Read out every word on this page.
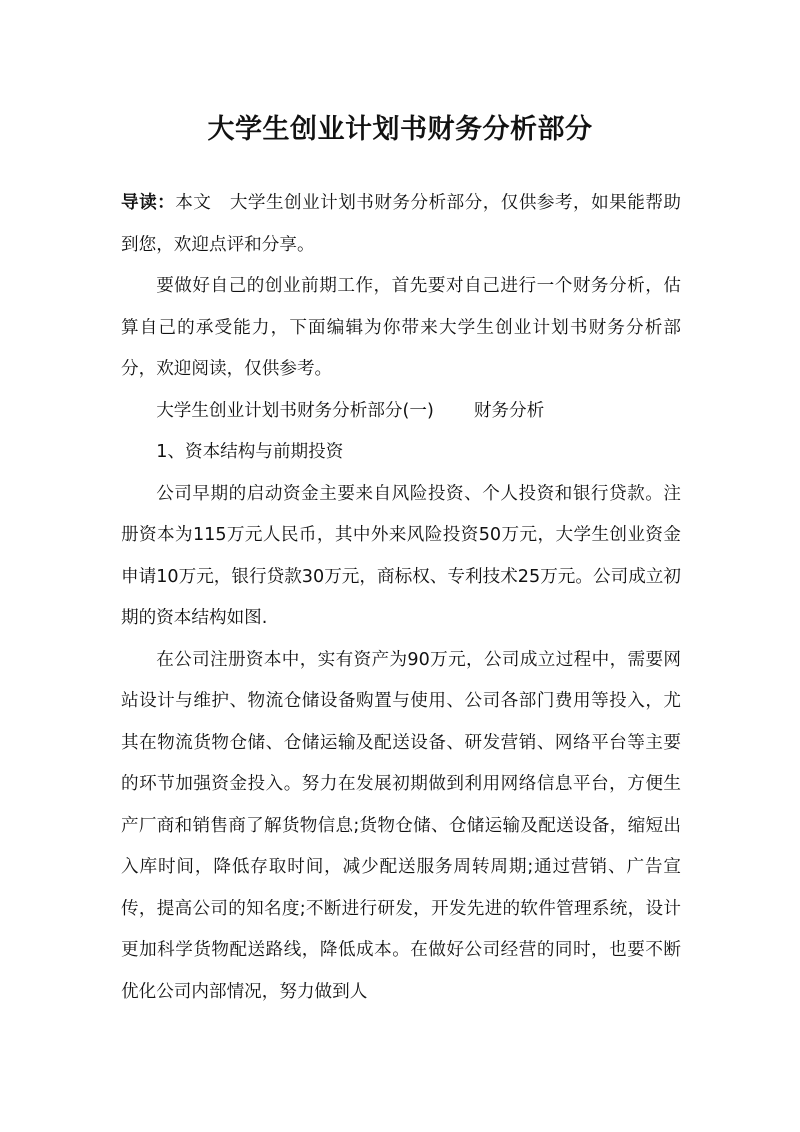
大学生创业计划书财务分析部分

导读：本文 大学生创业计划书财务分析部分，仅供参考，如果能帮助到您，欢迎点评和分享。

要做好自己的创业前期工作，首先要对自己进行一个财务分析，估算自己的承受能力，下面编辑为你带来大学生创业计划书财务分析部分，欢迎阅读，仅供参考。

大学生创业计划书财务分析部分(一) 财务分析

1、资本结构与前期投资

公司早期的启动资金主要来自风险投资、个人投资和银行贷款。注册资本为115万元人民币，其中外来风险投资50万元，大学生创业资金申请10万元，银行贷款30万元，商标权、专利技术25万元。公司成立初期的资本结构如图.

在公司注册资本中，实有资产为90万元，公司成立过程中，需要网站设计与维护、物流仓储设备购置与使用、公司各部门费用等投入，尤其在物流货物仓储、仓储运输及配送设备、研发营销、网络平台等主要的环节加强资金投入。努力在发展初期做到利用网络信息平台，方便生产厂商和销售商了解货物信息;货物仓储、仓储运输及配送设备，缩短出入库时间，降低存取时间，减少配送服务周转周期;通过营销、广告宣传，提高公司的知名度;不断进行研发，开发先进的软件管理系统，设计更加科学货物配送路线，降低成本。在做好公司经营的同时，也要不断优化公司内部情况，努力做到人
